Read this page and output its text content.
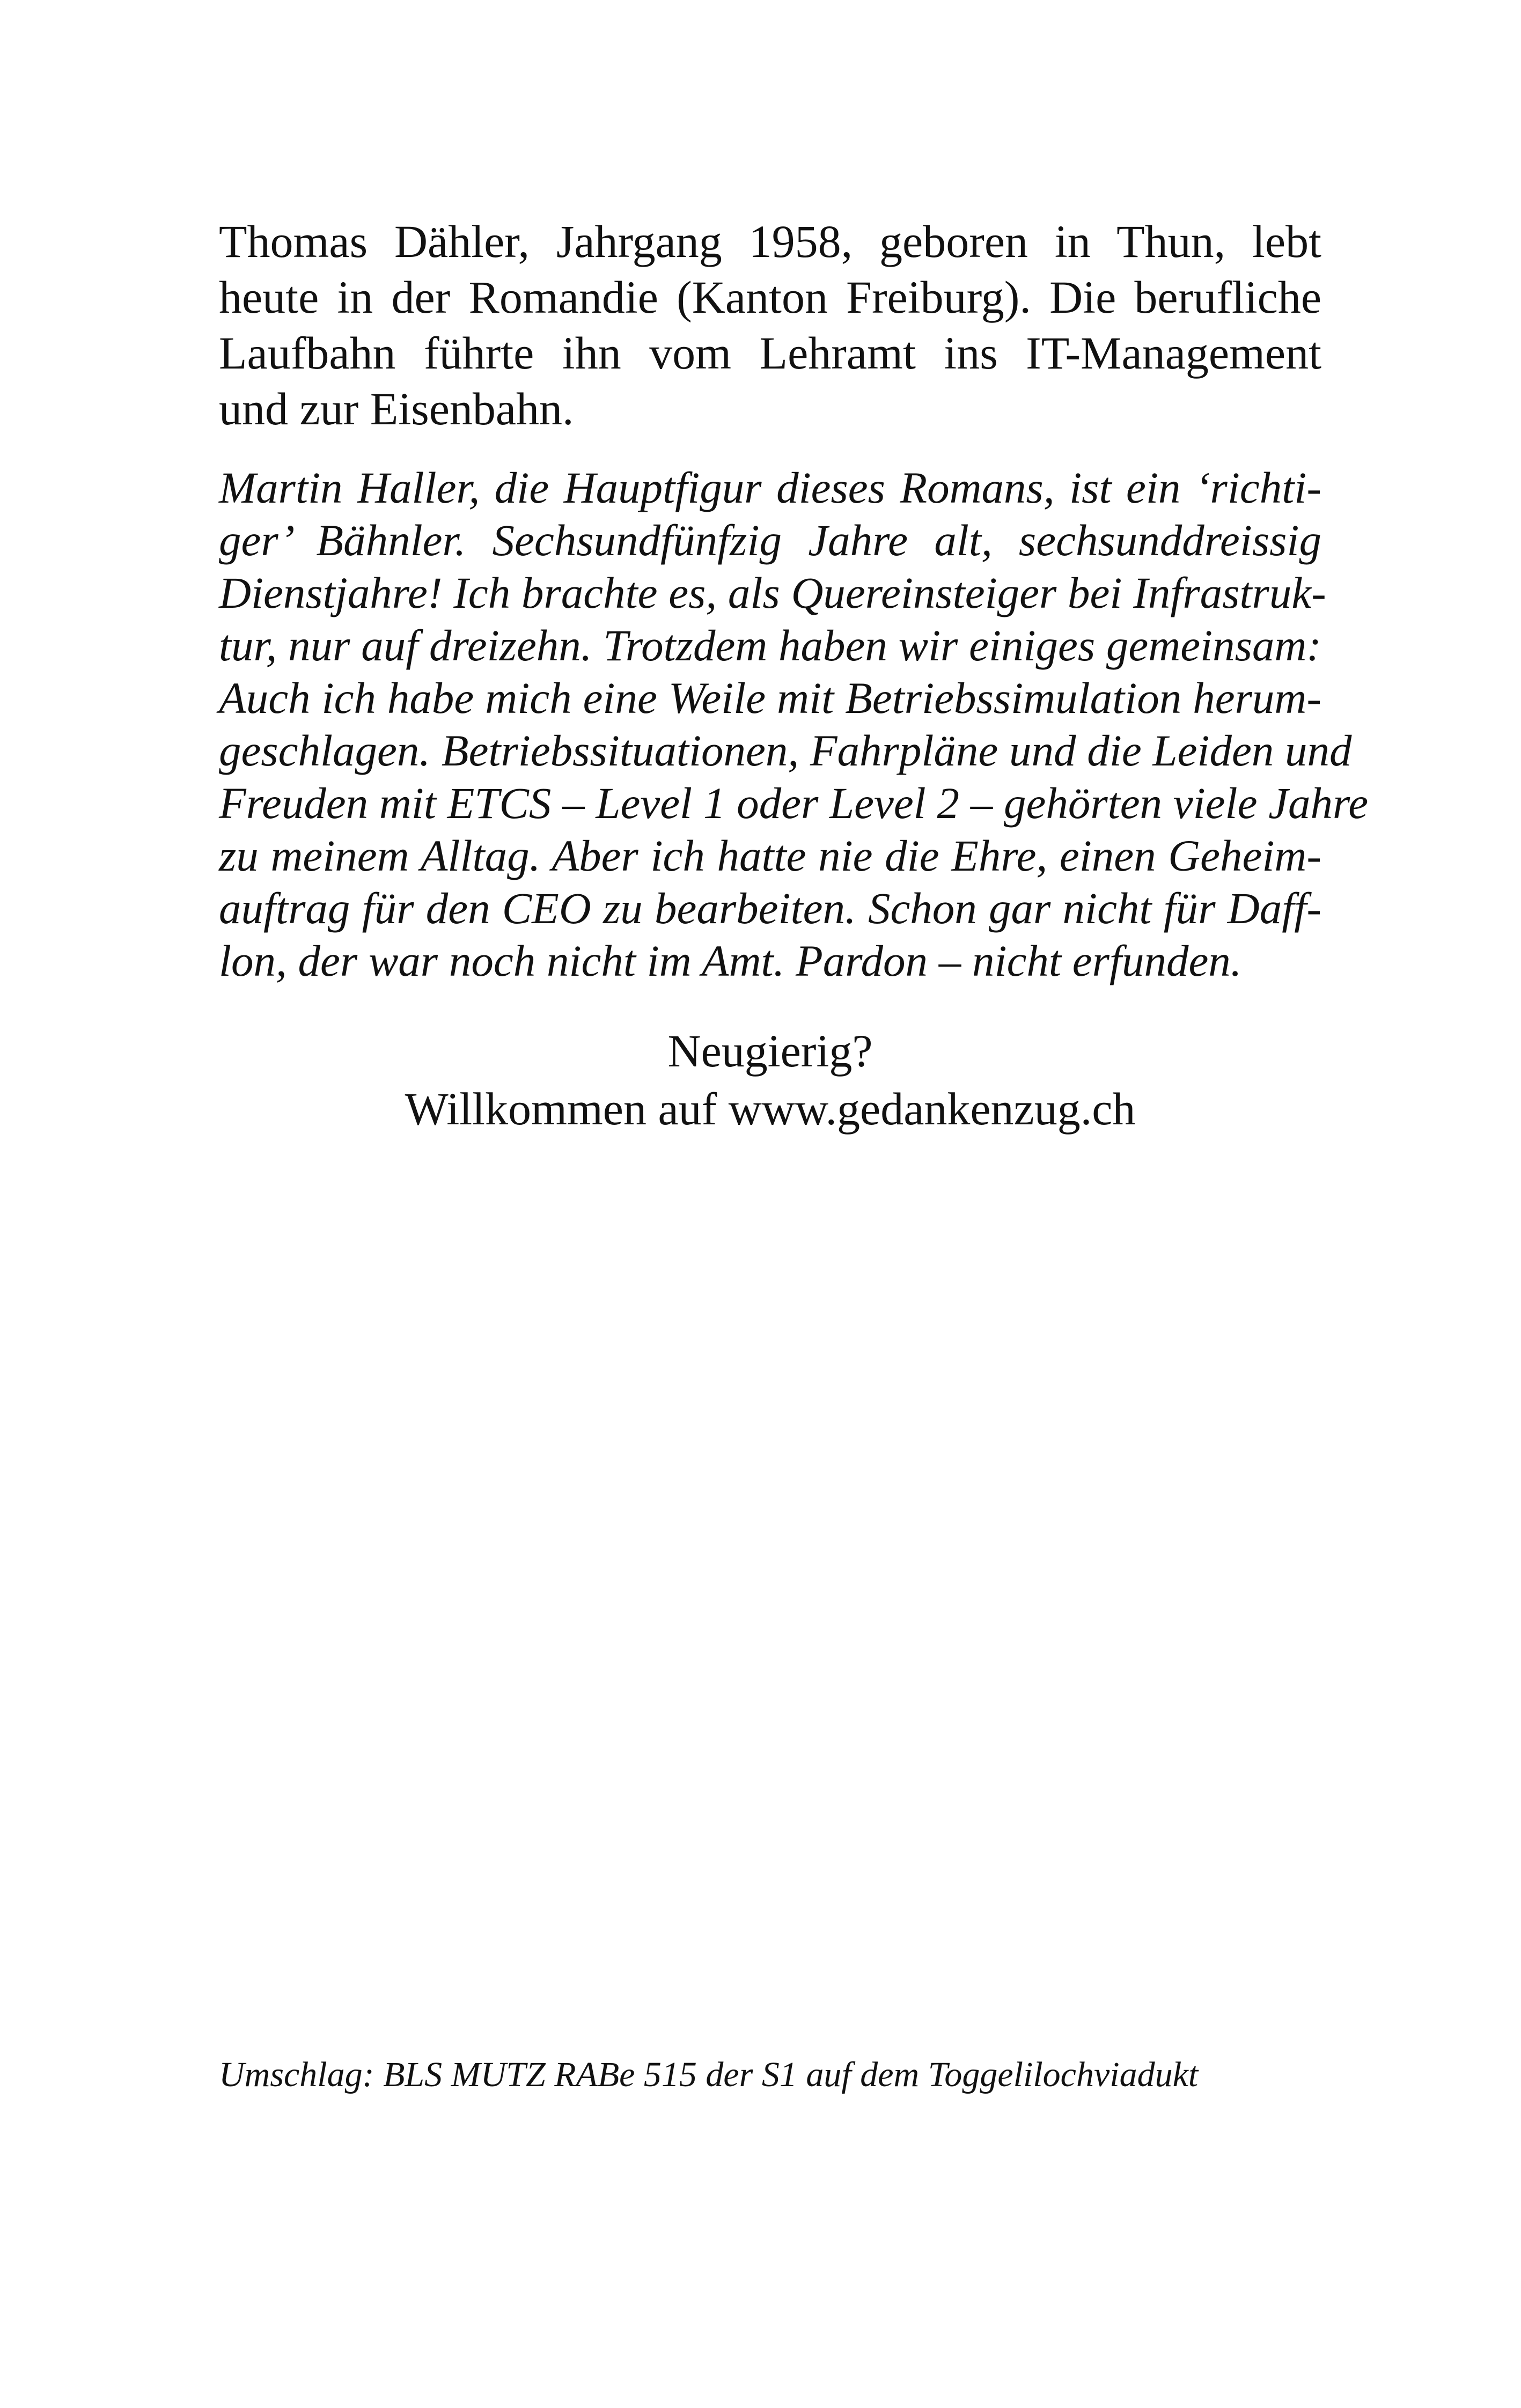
Thomas Dähler, Jahrgang 1958, geboren in Thun, lebt
heute in der Romandie (Kanton Freiburg). Die berufliche
Laufbahn führte ihn vom Lehramt ins IT-Management
und zur Eisenbahn.
Martin Haller, die Hauptfigur dieses Romans, ist ein ‘richti-
ger’ Bähnler. Sechsundfünfzig Jahre alt, sechsunddreissig
Dienstjahre! Ich brachte es, als Quereinsteiger bei Infrastruk-
tur, nur auf dreizehn. Trotzdem haben wir einiges gemeinsam:
Auch ich habe mich eine Weile mit Betriebssimulation herum-
geschlagen. Betriebssituationen, Fahrpläne und die Leiden und
Freuden mit ETCS – Level 1 oder Level 2 – gehörten viele Jahre
zu meinem Alltag. Aber ich hatte nie die Ehre, einen Geheim-
auftrag für den CEO zu bearbeiten. Schon gar nicht für Daff-
lon, der war noch nicht im Amt. Pardon – nicht erfunden.
Neugierig?
Willkommen auf www.gedankenzug.ch
Umschlag: BLS MUTZ RABe 515 der S1 auf dem Toggelilochviadukt
